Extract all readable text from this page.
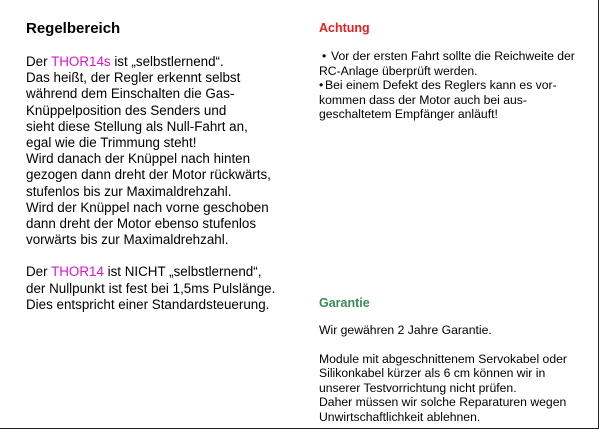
Regelbereich

Der THOR14s ist „selbstlernend“.

Das heißt, der Regler erkennt selbst

während dem Einschalten die Gas-

Knüppelposition des Senders und

sieht diese Stellung als Null-Fahrt an,

egal wie die Trimmung steht!

Wird danach der Knüppel nach hinten

gezogen dann dreht der Motor rückwärts,

stufenlos bis zur Maximaldrehzahl.

Wird der Knüppel nach vorne geschoben

dann dreht der Motor ebenso stufenlos

vorwärts bis zur Maximaldrehzahl.

Der THOR14 ist NICHT „selbstlernend“,

der Nullpunkt ist fest bei 1,5ms Pulslänge.

Dies entspricht einer Standardsteuerung.

Achtung

• Vor der ersten Fahrt sollte die Reichweite der

RC-Anlage überprüft werden.

• Bei einem Defekt des Reglers kann es vor-

kommen dass der Motor auch bei aus-

geschaltetem Empfänger anläuft!

Garantie

Wir gewähren 2 Jahre Garantie.

Module mit abgeschnittenem Servokabel oder

Silikonkabel kürzer als 6 cm können wir in

unserer Testvorrichtung nicht prüfen.

Daher müssen wir solche Reparaturen wegen

Unwirtschaftlichkeit ablehnen.
